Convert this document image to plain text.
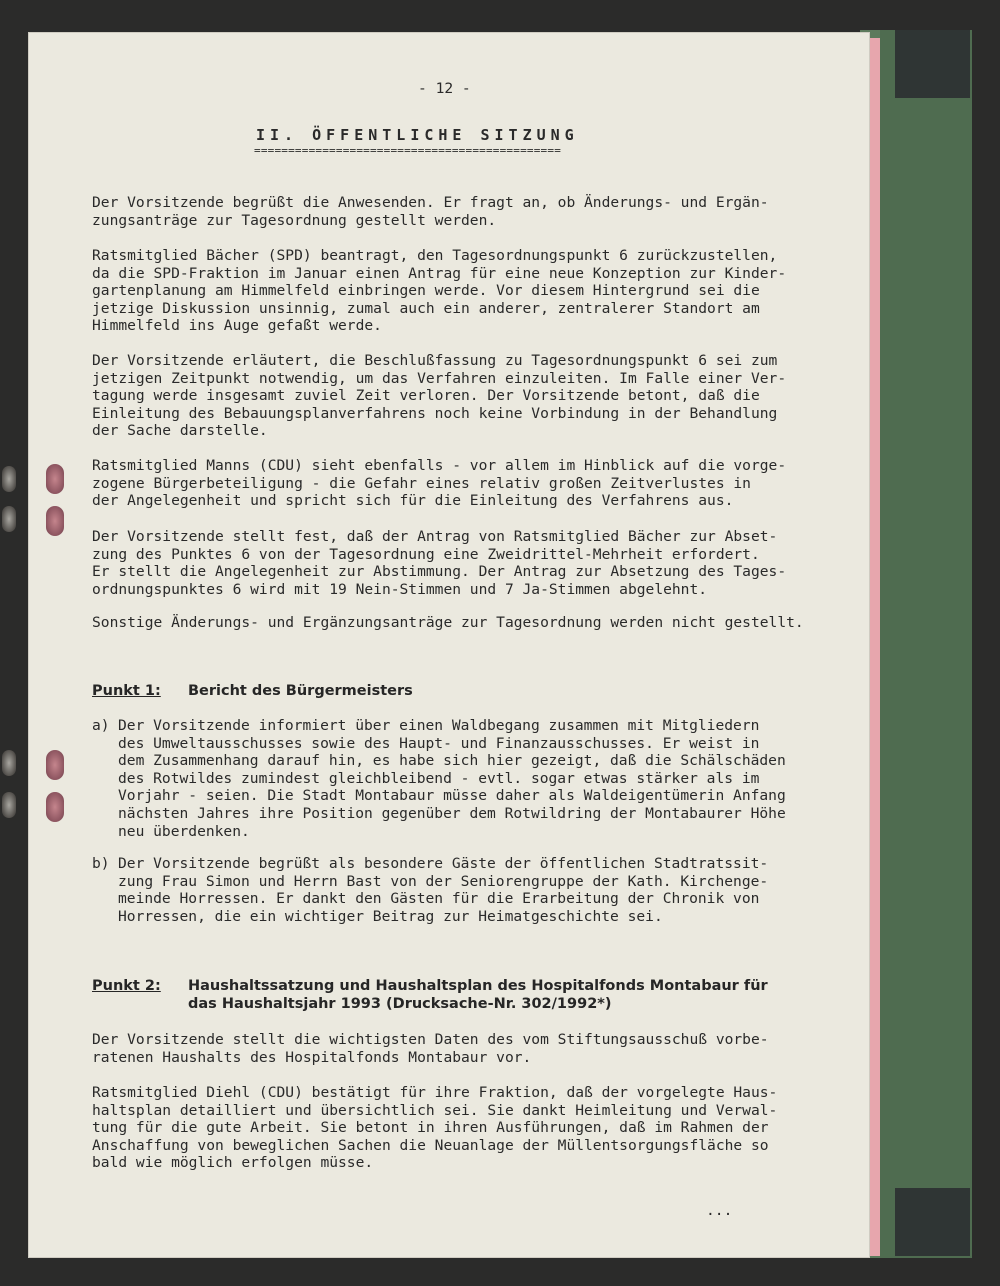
- 12 -
II. ÖFFENTLICHE SITZUNG
=============================================
Der Vorsitzende begrüßt die Anwesenden. Er fragt an, ob Änderungs- und Ergän-
zungsanträge zur Tagesordnung gestellt werden.
Ratsmitglied Bächer (SPD) beantragt, den Tagesordnungspunkt 6 zurückzustellen,
da die SPD-Fraktion im Januar einen Antrag für eine neue Konzeption zur Kinder-
gartenplanung am Himmelfeld einbringen werde. Vor diesem Hintergrund sei die
jetzige Diskussion unsinnig, zumal auch ein anderer, zentralerer Standort am
Himmelfeld ins Auge gefaßt werde.
Der Vorsitzende erläutert, die Beschlußfassung zu Tagesordnungspunkt 6 sei zum
jetzigen Zeitpunkt notwendig, um das Verfahren einzuleiten. Im Falle einer Ver-
tagung werde insgesamt zuviel Zeit verloren. Der Vorsitzende betont, daß die
Einleitung des Bebauungsplanverfahrens noch keine Vorbindung in der Behandlung
der Sache darstelle.
Ratsmitglied Manns (CDU) sieht ebenfalls - vor allem im Hinblick auf die vorge-
zogene Bürgerbeteiligung - die Gefahr eines relativ großen Zeitverlustes in
der Angelegenheit und spricht sich für die Einleitung des Verfahrens aus.
Der Vorsitzende stellt fest, daß der Antrag von Ratsmitglied Bächer zur Abset-
zung des Punktes 6 von der Tagesordnung eine Zweidrittel-Mehrheit erfordert.
Er stellt die Angelegenheit zur Abstimmung. Der Antrag zur Absetzung des Tages-
ordnungspunktes 6 wird mit 19 Nein-Stimmen und 7 Ja-Stimmen abgelehnt.
Sonstige Änderungs- und Ergänzungsanträge zur Tagesordnung werden nicht gestellt.
Punkt 1: Bericht des Bürgermeisters
a) Der Vorsitzende informiert über einen Waldbegang zusammen mit Mitgliedern
des Umweltausschusses sowie des Haupt- und Finanzausschusses. Er weist in
dem Zusammenhang darauf hin, es habe sich hier gezeigt, daß die Schälschäden
des Rotwildes zumindest gleichbleibend - evtl. sogar etwas stärker als im
Vorjahr - seien. Die Stadt Montabaur müsse daher als Waldeigentümerin Anfang
nächsten Jahres ihre Position gegenüber dem Rotwildring der Montabaurer Höhe
neu überdenken.
b) Der Vorsitzende begrüßt als besondere Gäste der öffentlichen Stadtratssit-
zung Frau Simon und Herrn Bast von der Seniorengruppe der Kath. Kirchenge-
meinde Horressen. Er dankt den Gästen für die Erarbeitung der Chronik von
Horressen, die ein wichtiger Beitrag zur Heimatgeschichte sei.
Punkt 2: Haushaltssatzung und Haushaltsplan des Hospitalfonds Montabaur für
das Haushaltsjahr 1993 (Drucksache-Nr. 302/1992*)
Der Vorsitzende stellt die wichtigsten Daten des vom Stiftungsausschuß vorbe-
ratenen Haushalts des Hospitalfonds Montabaur vor.
Ratsmitglied Diehl (CDU) bestätigt für ihre Fraktion, daß der vorgelegte Haus-
haltsplan detailliert und übersichtlich sei. Sie dankt Heimleitung und Verwal-
tung für die gute Arbeit. Sie betont in ihren Ausführungen, daß im Rahmen der
Anschaffung von beweglichen Sachen die Neuanlage der Müllentsorgungsfläche so
bald wie möglich erfolgen müsse.
...
